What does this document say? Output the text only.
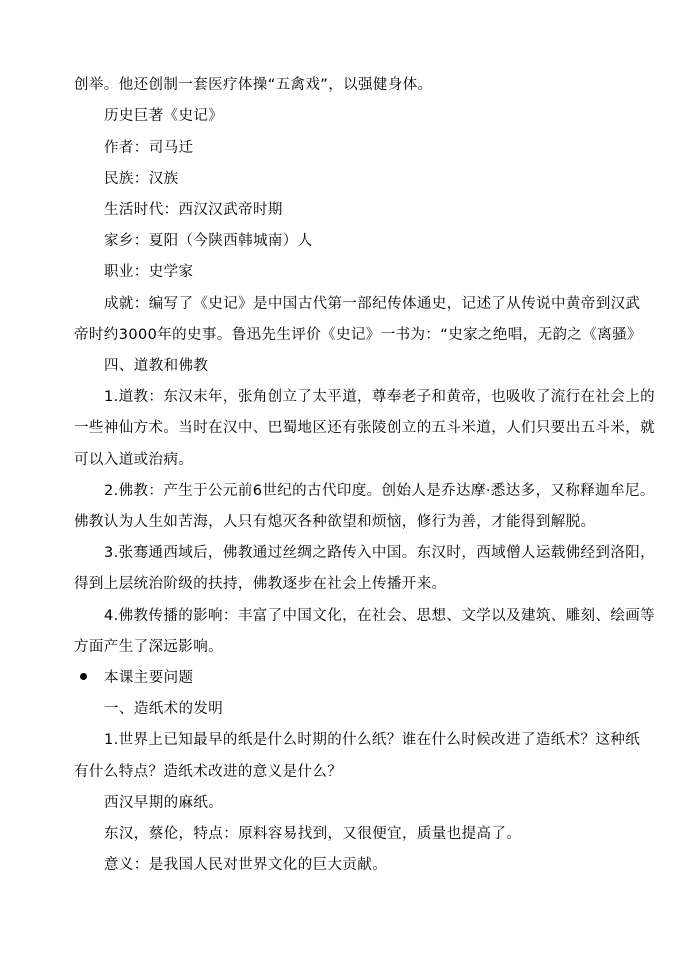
创举。他还创制一套医疗体操“五禽戏”，以强健身体。
历史巨著《史记》
作者：司马迁
民族：汉族
生活时代：西汉汉武帝时期
家乡：夏阳（今陕西韩城南）人
职业：史学家
成就：编写了《史记》是中国古代第一部纪传体通史，记述了从传说中黄帝到汉武
帝时约3000年的史事。鲁迅先生评价《史记》一书为：“史家之绝唱，无韵之《离骚》
四、道教和佛教
1.道教：东汉末年，张角创立了太平道，尊奉老子和黄帝，也吸收了流行在社会上的
一些神仙方术。当时在汉中、巴蜀地区还有张陵创立的五斗米道，人们只要出五斗米，就
可以入道或治病。
2.佛教：产生于公元前6世纪的古代印度。创始人是乔达摩·悉达多，又称释迦牟尼。
佛教认为人生如苦海，人只有熄灭各种欲望和烦恼，修行为善，才能得到解脱。
3.张骞通西域后，佛教通过丝绸之路传入中国。东汉时，西域僧人运载佛经到洛阳，
得到上层统治阶级的扶持，佛教逐步在社会上传播开来。
4.佛教传播的影响：丰富了中国文化，在社会、思想、文学以及建筑、雕刻、绘画等
方面产生了深远影响。
本课主要问题
一、造纸术的发明
1.世界上已知最早的纸是什么时期的什么纸？谁在什么时候改进了造纸术？这种纸
有什么特点？造纸术改进的意义是什么？
西汉早期的麻纸。
东汉，蔡伦，特点：原料容易找到，又很便宜，质量也提高了。
意义：是我国人民对世界文化的巨大贡献。
